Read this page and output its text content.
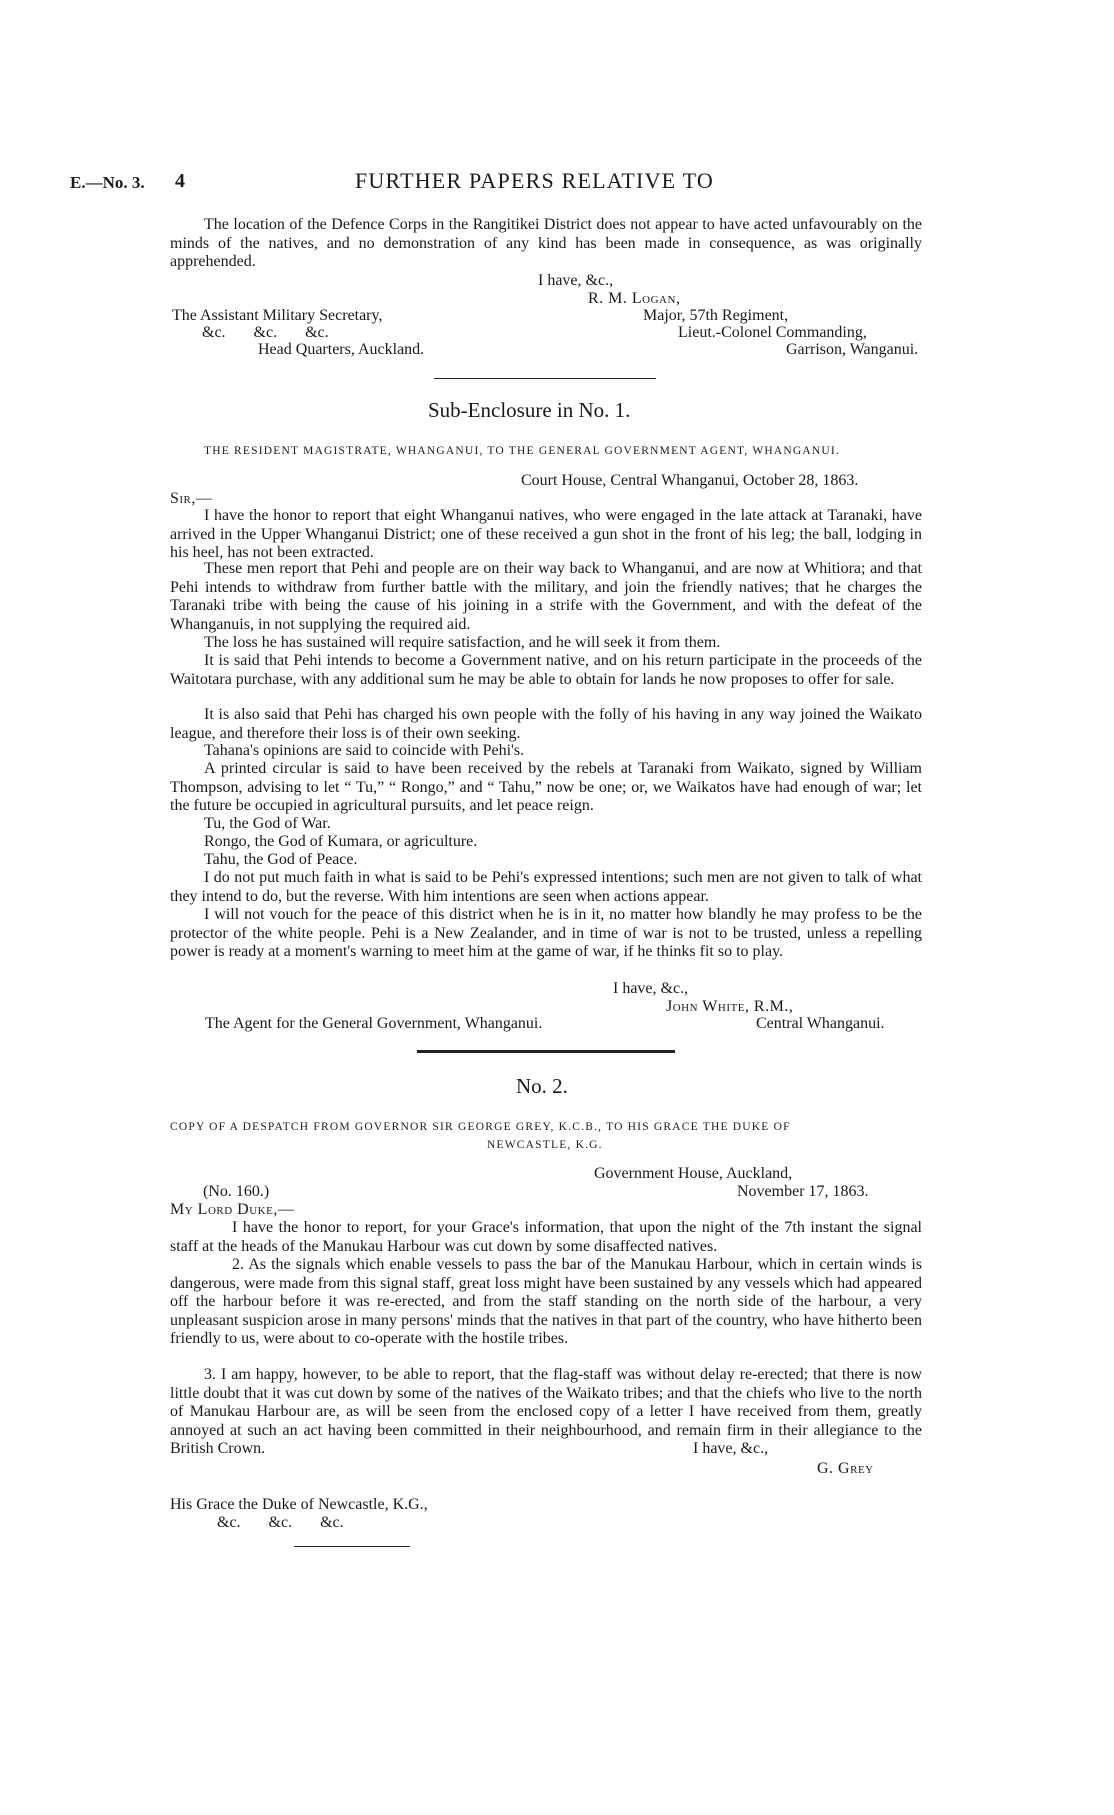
E.—No. 3. 4	FURTHER PAPERS RELATIVE TO
The location of the Defence Corps in the Rangitikei District does not appear to have acted unfavourably on the minds of the natives, and no demonstration of any kind has been made in consequence, as was originally apprehended.
I have, &c.,
R. M. Logan,
Major, 57th Regiment,
Lieut.-Colonel Commanding,
Garrison, Wanganui.
The Assistant Military Secretary,
&c.       &c.       &c.
Head Quarters, Auckland.
Sub-Enclosure in No. 1.
THE RESIDENT MAGISTRATE, WHANGANUI, TO THE GENERAL GOVERNMENT AGENT, WHANGANUI.
Court House, Central Whanganui, October 28, 1863.
Sir,—
I have the honor to report that eight Whanganui natives, who were engaged in the late attack at Taranaki, have arrived in the Upper Whanganui District; one of these received a gun shot in the front of his leg; the ball, lodging in his heel, has not been extracted.
These men report that Pehi and people are on their way back to Whanganui, and are now at Whitiora; and that Pehi intends to withdraw from further battle with the military, and join the friendly natives; that he charges the Taranaki tribe with being the cause of his joining in a strife with the Government, and with the defeat of the Whanganuis, in not supplying the required aid.
The loss he has sustained will require satisfaction, and he will seek it from them.
It is said that Pehi intends to become a Government native, and on his return participate in the proceeds of the Waitotara purchase, with any additional sum he may be able to obtain for lands he now proposes to offer for sale.
It is also said that Pehi has charged his own people with the folly of his having in any way joined the Waikato league, and therefore their loss is of their own seeking.
Tahana's opinions are said to coincide with Pehi's.
A printed circular is said to have been received by the rebels at Taranaki from Waikato, signed by William Thompson, advising to let “ Tu,” “ Rongo,” and “ Tahu,” now be one; or, we Waikatos have had enough of war; let the future be occupied in agricultural pursuits, and let peace reign.
Tu, the God of War.
Rongo, the God of Kumara, or agriculture.
Tahu, the God of Peace.
I do not put much faith in what is said to be Pehi's expressed intentions; such men are not given to talk of what they intend to do, but the reverse. With him intentions are seen when actions appear.
I will not vouch for the peace of this district when he is in it, no matter how blandly he may profess to be the protector of the white people. Pehi is a New Zealander, and in time of war is not to be trusted, unless a repelling power is ready at a moment's warning to meet him at the game of war, if he thinks fit so to play.
I have, &c.,
John White, R.M.,
The Agent for the General Government, Whanganui.	Central Whanganui.
No. 2.
COPY OF A DESPATCH FROM GOVERNOR SIR GEORGE GREY, K.C.B., TO HIS GRACE THE DUKE OF
NEWCASTLE, K.G.
Government House, Auckland,
(No. 160.)	November 17, 1863.
My Lord Duke,—
I have the honor to report, for your Grace's information, that upon the night of the 7th instant the signal staff at the heads of the Manukau Harbour was cut down by some disaffected natives.
2. As the signals which enable vessels to pass the bar of the Manukau Harbour, which in certain winds is dangerous, were made from this signal staff, great loss might have been sustained by any vessels which had appeared off the harbour before it was re-erected, and from the staff standing on the north side of the harbour, a very unpleasant suspicion arose in many persons' minds that the natives in that part of the country, who have hitherto been friendly to us, were about to co-operate with the hostile tribes.
3. I am happy, however, to be able to report, that the flag-staff was without delay re-erected; that there is now little doubt that it was cut down by some of the natives of the Waikato tribes; and that the chiefs who live to the north of Manukau Harbour are, as will be seen from the enclosed copy of a letter I have received from them, greatly annoyed at such an act having been committed in their neighbourhood, and remain firm in their allegiance to the British Crown.	I have, &c.,
G. Grey
His Grace the Duke of Newcastle, K.G.,
&c.       &c.       &c.
